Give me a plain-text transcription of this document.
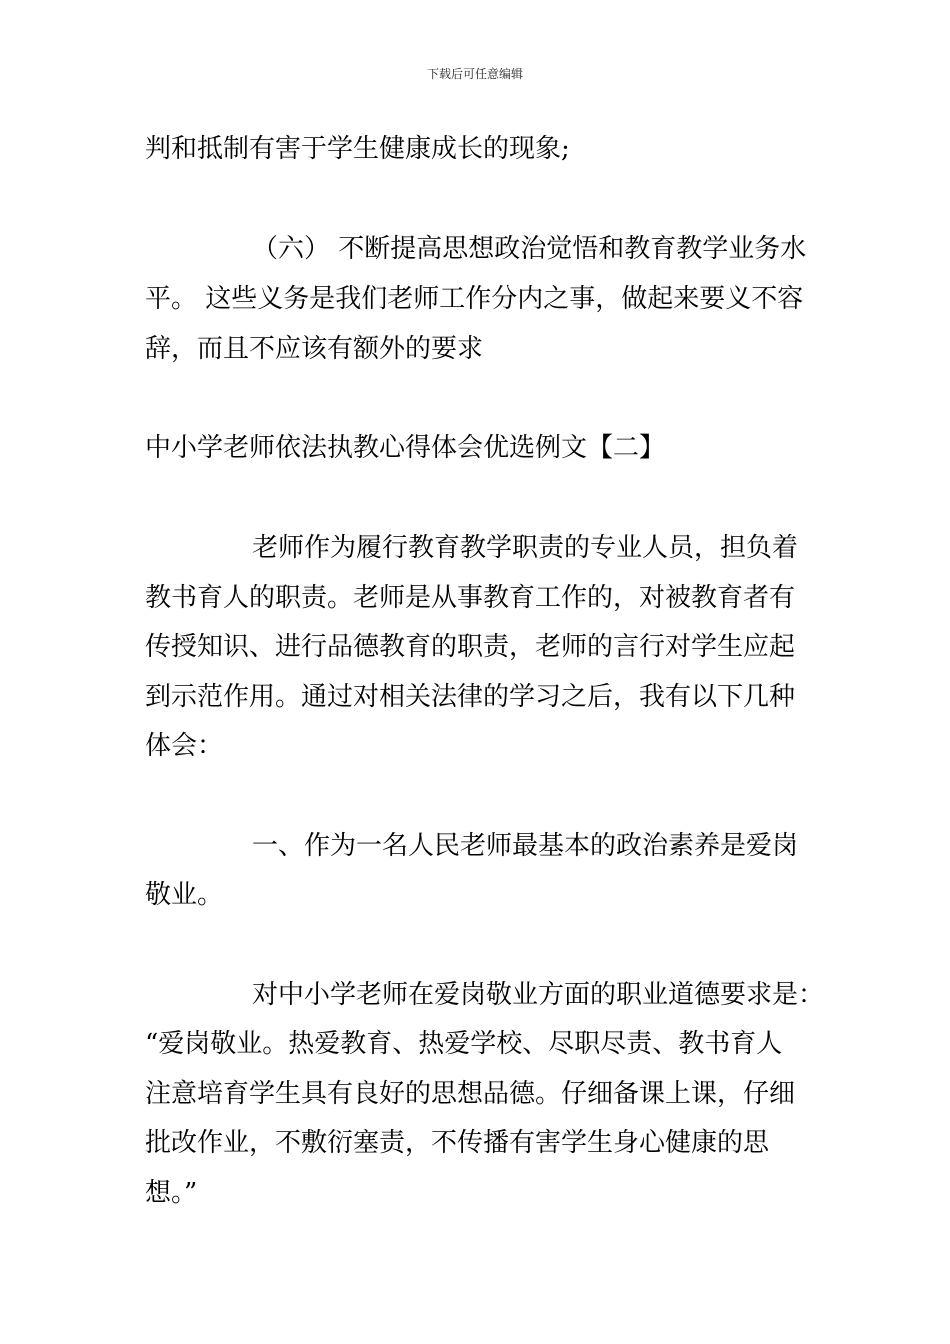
下载后可任意编辑
判和抵制有害于学生健康成长的现象;
（六） 不断提高思想政治觉悟和教育教学业务水
平。 这些义务是我们老师工作分内之事，做起来要义不容
辞，而且不应该有额外的要求
中小学老师依法执教心得体会优选例文【二】
老师作为履行教育教学职责的专业人员，担负着
教书育人的职责。老师是从事教育工作的，对被教育者有
传授知识、进行品德教育的职责，老师的言行对学生应起
到示范作用。通过对相关法律的学习之后，我有以下几种
体会：
一、作为一名人民老师最基本的政治素养是爱岗
敬业。
对中小学老师在爱岗敬业方面的职业道德要求是：
“爱岗敬业。热爱教育、热爱学校、尽职尽责、教书育人
注意培育学生具有良好的思想品德。仔细备课上课，仔细
批改作业，不敷衍塞责，不传播有害学生身心健康的思
想。”
